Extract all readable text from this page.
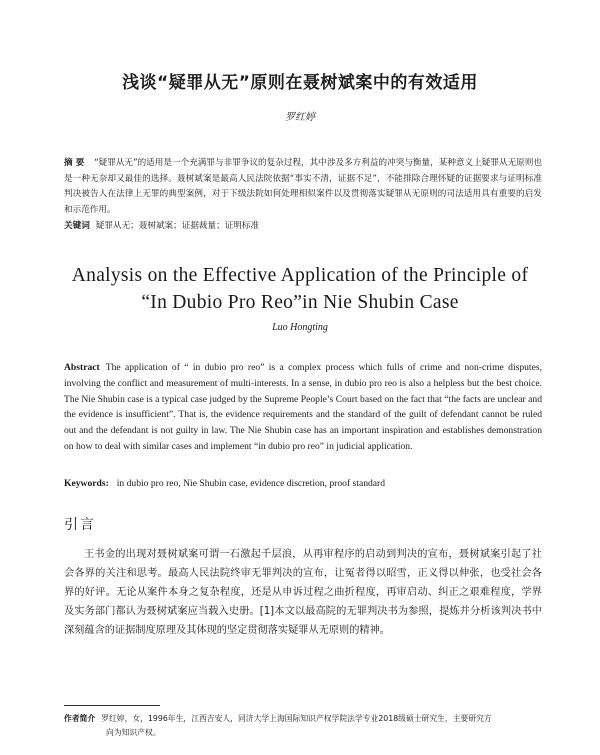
浅谈“疑罪从无”原则在聂树斌案中的有效适用
罗红婷
摘 要 “疑罪从无”的适用是一个充满罪与非罪争议的复杂过程，其中涉及多方利益的冲突与衡量，某种意义上疑罪从无原则也是一种无奈却又最佳的选择。聂树斌案是最高人民法院依据“事实不清，证据不足”，不能排除合理怀疑的证据要求与证明标准判决被告人在法律上无罪的典型案例，对于下级法院如何处理相似案件以及贯彻落实疑罪从无原则的司法适用具有重要的启发和示范作用。
关键词 疑罪从无；聂树斌案；证据裁量；证明标准
Analysis on the Effective Application of the Principle of
“In Dubio Pro Reo”in Nie Shubin Case
Luo Hongting
Abstract The application of “ in dubio pro reo” is a complex process which fulls of crime and non-crime disputes, involving the conflict and measurement of multi-interests. In a sense, in dubio pro reo is also a helpless but the best choice. The Nie Shubin case is a typical case judged by the Supreme People’s Court based on the fact that “the facts are unclear and the evidence is insufficient”. That is, the evidence requirements and the standard of the guilt of defendant cannot be ruled out and the defendant is not guilty in law. The Nie Shubin case has an important inspiration and establishes demonstration on how to deal with similar cases and implement “in dubio pro reo” in judicial application.
Keywords: in dubio pro reo, Nie Shubin case, evidence discretion, proof standard
引言
王书金的出现对聂树斌案可谓一石激起千层浪，从再审程序的启动到判决的宣布，聂树斌案引起了社会各界的关注和思考。最高人民法院终审无罪判决的宣布，让冤者得以昭雪，正义得以伸张，也受社会各界的好评。无论从案件本身之复杂程度，还是从申诉过程之曲折程度，再审启动、纠正之艰难程度，学界及实务部门都认为聂树斌案应当载入史册。[1]本文以最高院的无罪判决书为参照，提炼并分析该判决书中深刻蕴含的证据制度原理及其体现的坚定贯彻落实疑罪从无原则的精神。
作者简介 罗红婷，女，1996年生，江西吉安人，同济大学上海国际知识产权学院法学专业2018级硕士研究生，主要研究方
向为知识产权。
